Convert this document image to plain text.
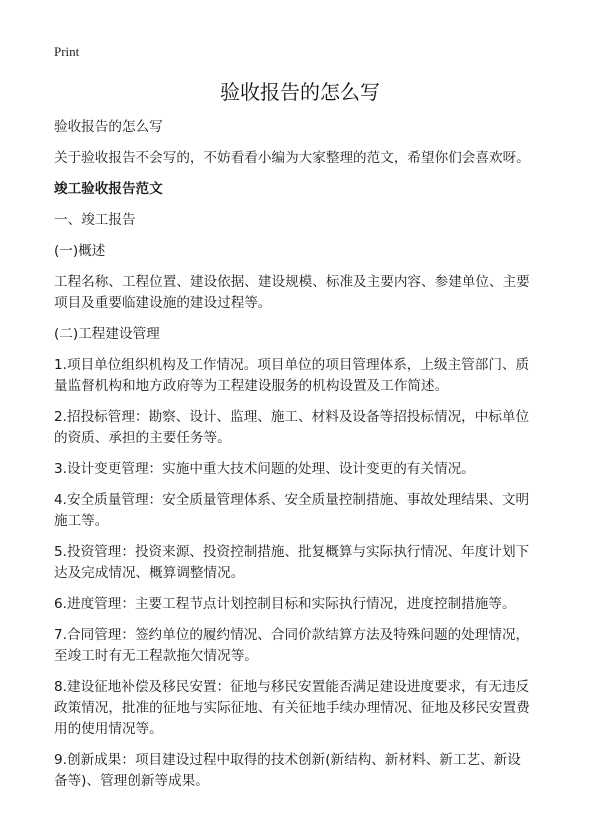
Print
验收报告的怎么写

验收报告的怎么写

关于验收报告不会写的，不妨看看小编为大家整理的范文，希望你们会喜欢呀。

竣工验收报告范文

一、竣工报告

(一)概述

工程名称、工程位置、建设依据、建设规模、标准及主要内容、参建单位、主要项目及重要临建设施的建设过程等。

(二)工程建设管理

1.项目单位组织机构及工作情况。项目单位的项目管理体系，上级主管部门、质量监督机构和地方政府等为工程建设服务的机构设置及工作简述。

2.招投标管理：勘察、设计、监理、施工、材料及设备等招投标情况，中标单位的资质、承担的主要任务等。

3.设计变更管理：实施中重大技术问题的处理、设计变更的有关情况。

4.安全质量管理：安全质量管理体系、安全质量控制措施、事故处理结果、文明施工等。

5.投资管理：投资来源、投资控制措施、批复概算与实际执行情况、年度计划下达及完成情况、概算调整情况。

6.进度管理：主要工程节点计划控制目标和实际执行情况，进度控制措施等。

7.合同管理：签约单位的履约情况、合同价款结算方法及特殊问题的处理情况，至竣工时有无工程款拖欠情况等。

8.建设征地补偿及移民安置：征地与移民安置能否满足建设进度要求，有无违反政策情况，批准的征地与实际征地、有关征地手续办理情况、征地及移民安置费用的使用情况等。

9.创新成果：项目建设过程中取得的技术创新(新结构、新材料、新工艺、新设备等)、管理创新等成果。
